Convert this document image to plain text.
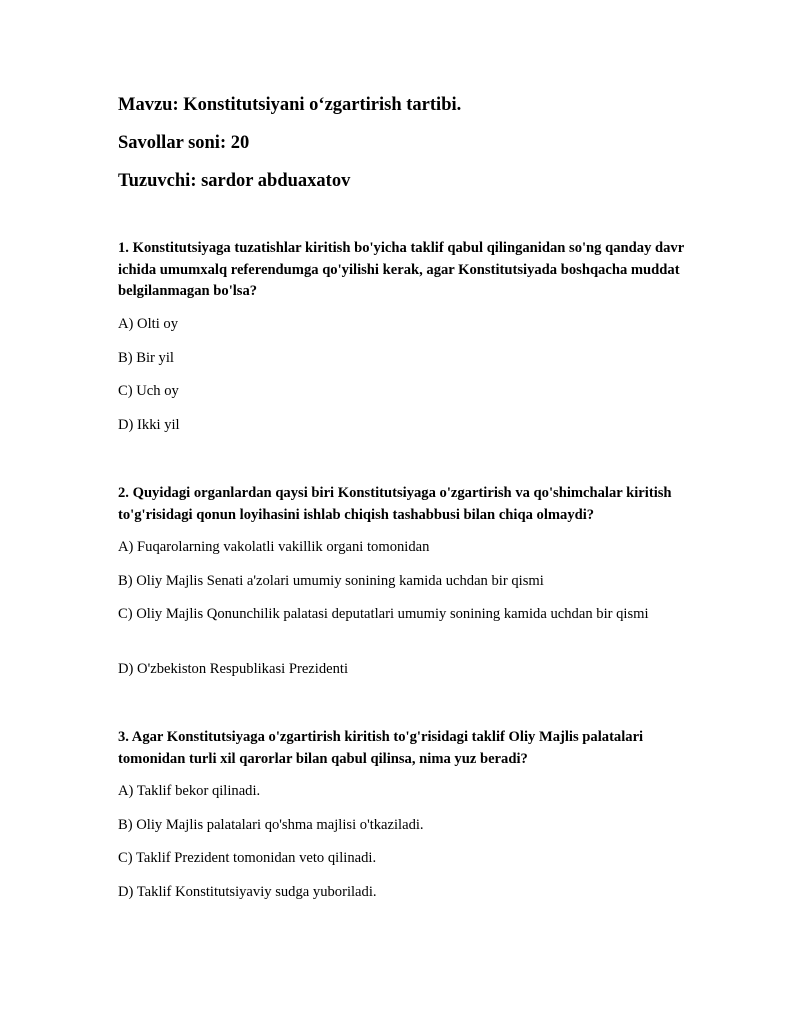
Mavzu: Konstitutsiyani o‘zgartirish tartibi.
Savollar soni: 20
Tuzuvchi: sardor abduaxatov
1. Konstitutsiyaga tuzatishlar kiritish bo'yicha taklif qabul qilinganidan so'ng qanday davr ichida umumxalq referendumga qo'yilishi kerak, agar Konstitutsiyada boshqacha muddat belgilanmagan bo'lsa?
A) Olti oy
B) Bir yil
C) Uch oy
D) Ikki yil
2. Quyidagi organlardan qaysi biri Konstitutsiyaga o'zgartirish va qo'shimchalar kiritish to'g'risidagi qonun loyihasini ishlab chiqish tashabbusi bilan chiqa olmaydi?
A) Fuqarolarning vakolatli vakillik organi tomonidan
B) Oliy Majlis Senati a'zolari umumiy sonining kamida uchdan bir qismi
C) Oliy Majlis Qonunchilik palatasi deputatlari umumiy sonining kamida uchdan bir qismi
D) O'zbekiston Respublikasi Prezidenti
3. Agar Konstitutsiyaga o'zgartirish kiritish to'g'risidagi taklif Oliy Majlis palatalari tomonidan turli xil qarorlar bilan qabul qilinsa, nima yuz beradi?
A) Taklif bekor qilinadi.
B) Oliy Majlis palatalari qo'shma majlisi o'tkaziladi.
C) Taklif Prezident tomonidan veto qilinadi.
D) Taklif Konstitutsiyaviy sudga yuboriladi.
